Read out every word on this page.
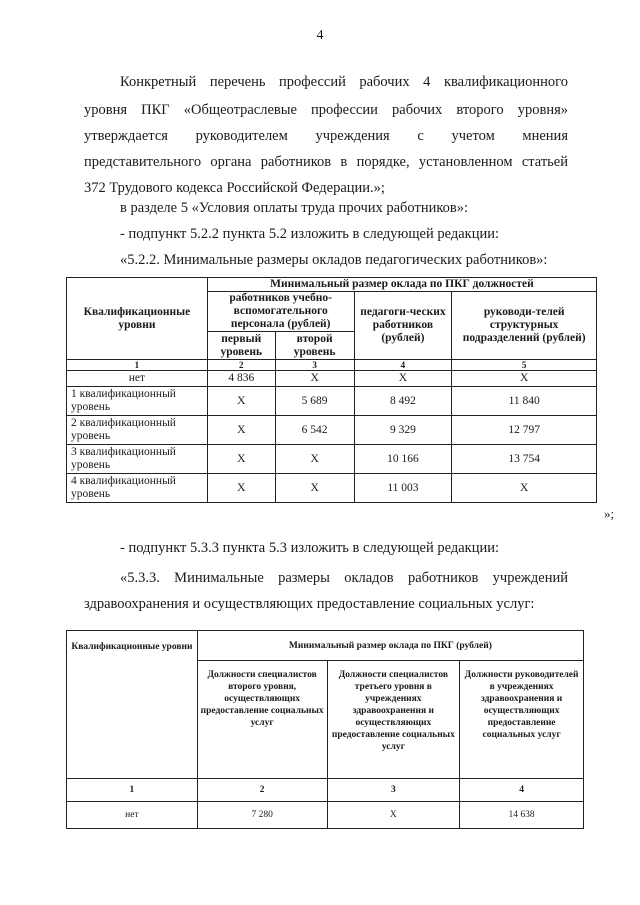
4
Конкретный перечень профессий рабочих 4 квалификационного
уровня ПКГ «Общеотраслевые профессии рабочих второго уровня»
утверждается руководителем учреждения с учетом мнения
представительного органа работников в порядке, установленном статьей
372 Трудового кодекса Российской Федерации.»;
в разделе 5 «Условия оплаты труда прочих работников»:
- подпункт 5.2.2 пункта 5.2 изложить в следующей редакции:
«5.2.2. Минимальные размеры окладов педагогических работников»:
Квалификационные уровни	Минимальный размер оклада по ПКГ должностей			
	работников учебно-вспомогательного персонала (рублей)		педагоги-ческих работников (рублей)	руководи-телей структурных подразделений (рублей)
	первый уровень	второй уровень		
1	2	3	4	5
нет	4 836	X	X	X
1 квалификационный уровень	X	5 689	8 492	11 840
2 квалификационный уровень	X	6 542	9 329	12 797
3 квалификационный уровень	X	X	10 166	13 754
4 квалификационный уровень	X	X	11 003	X
»;
- подпункт 5.3.3 пункта 5.3 изложить в следующей редакции:
«5.3.3. Минимальные размеры окладов работников учреждений
здравоохранения и осуществляющих предоставление социальных услуг:
Квалификационные уровни	Минимальный размер оклада по ПКГ (рублей)		
	Должности специалистов второго уровня, осуществляющих предоставление социальных услуг	Должности специалистов третьего уровня в учреждениях здравоохранения и осуществляющих предоставление социальных услуг	Должности руководителей в учреждениях здравоохранения и осуществляющих предоставление социальных услуг
1	2	3	4
нет	7 280	X	14 638
